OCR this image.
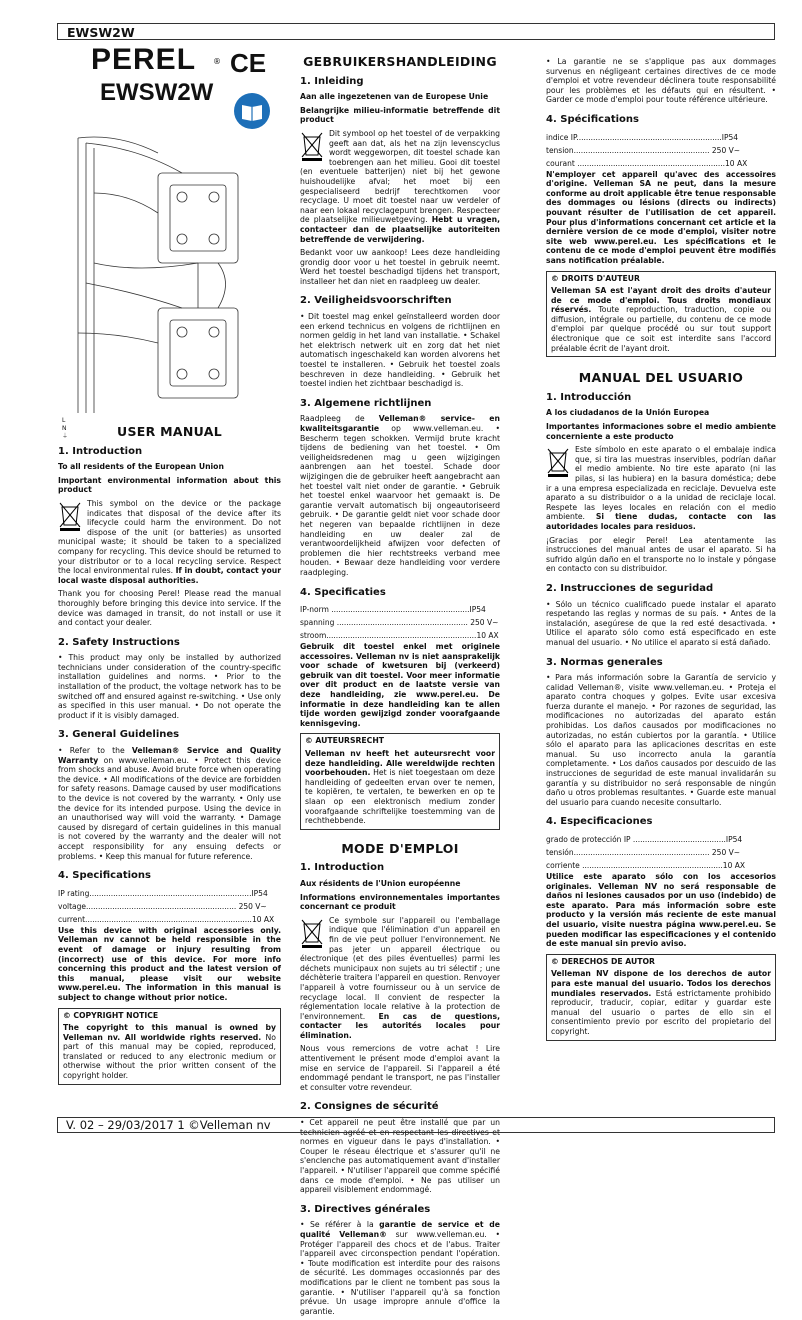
EWSW2W
PEREL ® CE
EWSW2W
L
N
⏚	USER MANUAL
1. Introduction

To all residents of the European Union

Important environmental information about this product

This symbol on the device or the package indicates that disposal of the device after its lifecycle could harm the environment. Do not dispose of the unit (or batteries) as unsorted municipal waste; it should be taken to a specialized company for recycling. This device should be returned to your distributor or to a local recycling service. Respect the local environmental rules. If in doubt, contact your local waste disposal authorities.

Thank you for choosing Perel! Please read the manual thoroughly before bringing this device into service. If the device was damaged in transit, do not install or use it and contact your dealer.

2. Safety Instructions

• This product may only be installed by authorized technicians under consideration of the country-specific installation guidelines and norms. • Prior to the installation of the product, the voltage network has to be switched off and ensured against re-switching. • Use only as specified in this user manual. • Do not operate the product if it is visibly damaged.

3. General Guidelines

• Refer to the Velleman® Service and Quality Warranty on www.velleman.eu. • Protect this device from shocks and abuse. Avoid brute force when operating the device. • All modifications of the device are forbidden for safety reasons. Damage caused by user modifications to the device is not covered by the warranty. • Only use the device for its intended purpose. Using the device in an unauthorised way will void the warranty. • Damage caused by disregard of certain guidelines in this manual is not covered by the warranty and the dealer will not accept responsibility for any ensuing defects or problems. • Keep this manual for future reference.

4. Specifications
IP rating....................................................................IP54
voltage............................................................... 250 V~
current......................................................................10 AX

Use this device with original accessories only. Velleman nv cannot be held responsible in the event of damage or injury resulting from (incorrect) use of this device. For more info concerning this product and the latest version of this manual, please visit our website www.perel.eu. The information in this manual is subject to change without prior notice.

© COPYRIGHT NOTICE

The copyright to this manual is owned by Velleman nv. All worldwide rights reserved. No part of this manual may be copied, reproduced, translated or reduced to any electronic medium or otherwise without the prior written consent of the copyright holder.

GEBRUIKERSHANDLEIDING
1. Inleiding

Aan alle ingezetenen van de Europese Unie

Belangrijke milieu-informatie betreffende dit product

Dit symbool op het toestel of de verpakking geeft aan dat, als het na zijn levenscyclus wordt weggeworpen, dit toestel schade kan toebrengen aan het milieu. Gooi dit toestel (en eventuele batterijen) niet bij het gewone huishoudelijke afval; het moet bij een gespecialiseerd bedrijf terechtkomen voor recyclage. U moet dit toestel naar uw verdeler of naar een lokaal recyclagepunt brengen. Respecteer de plaatselijke milieuwetgeving. Hebt u vragen, contacteer dan de plaatselijke autoriteiten betreffende de verwijdering.

Bedankt voor uw aankoop! Lees deze handleiding grondig door voor u het toestel in gebruik neemt. Werd het toestel beschadigd tijdens het transport, installeer het dan niet en raadpleeg uw dealer.

2. Veiligheidsvoorschriften

• Dit toestel mag enkel geïnstalleerd worden door een erkend technicus en volgens de richtlijnen en normen geldig in het land van installatie. • Schakel het elektrisch netwerk uit en zorg dat het niet automatisch ingeschakeld kan worden alvorens het toestel te installeren. • Gebruik het toestel zoals beschreven in deze handleiding. • Gebruik het toestel indien het zichtbaar beschadigd is.

3. Algemene richtlijnen

Raadpleeg de Velleman® service- en kwaliteitsgarantie op www.velleman.eu. • Bescherm tegen schokken. Vermijd brute kracht tijdens de bediening van het toestel. • Om veiligheidsredenen mag u geen wijzigingen aanbrengen aan het toestel. Schade door wijzigingen die de gebruiker heeft aangebracht aan het toestel valt niet onder de garantie. • Gebruik het toestel enkel waarvoor het gemaakt is. De garantie vervalt automatisch bij ongeautoriseerd gebruik. • De garantie geldt niet voor schade door het negeren van bepaalde richtlijnen in deze handleiding en uw dealer zal de verantwoordelijkheid afwijzen voor defecten of problemen die hier rechtstreeks verband mee houden. • Bewaar deze handleiding voor verdere raadpleging.

4. Specificaties
IP-norm ..........................................................IP54
spanning ....................................................... 250 V~
stroom...............................................................10 AX

Gebruik dit toestel enkel met originele accessoires. Velleman nv is niet aansprakelijk voor schade of kwetsuren bij (verkeerd) gebruik van dit toestel. Voor meer informatie over dit product en de laatste versie van deze handleiding, zie www.perel.eu. De informatie in deze handleiding kan te allen tijde worden gewijzigd zonder voorafgaande kennisgeving.

© AUTEURSRECHT

Velleman nv heeft het auteursrecht voor deze handleiding. Alle wereldwijde rechten voorbehouden. Het is niet toegestaan om deze handleiding of gedeelten ervan over te nemen, te kopiëren, te vertalen, te bewerken en op te slaan op een elektronisch medium zonder voorafgaande schriftelijke toestemming van de rechthebbende.

MODE D'EMPLOI
1. Introduction

Aux résidents de l'Union européenne

Informations environnementales importantes concernant ce produit

Ce symbole sur l'appareil ou l'emballage indique que l'élimination d'un appareil en fin de vie peut polluer l'environnement. Ne pas jeter un appareil électrique ou électronique (et des piles éventuelles) parmi les déchets municipaux non sujets au tri sélectif ; une déchèterie traitera l'appareil en question. Renvoyer l'appareil à votre fournisseur ou à un service de recyclage local. Il convient de respecter la réglementation locale relative à la protection de l'environnement. En cas de questions, contacter les autorités locales pour élimination.

Nous vous remercions de votre achat ! Lire attentivement le présent mode d'emploi avant la mise en service de l'appareil. Si l'appareil a été endommagé pendant le transport, ne pas l'installer et consulter votre revendeur.

2. Consignes de sécurité

• Cet appareil ne peut être installé que par un technicien agréé et en respectant les directives et normes en vigueur dans le pays d'installation. • Couper le réseau électrique et s'assurer qu'il ne s'enclenche pas automatiquement avant d'installer l'appareil. • N'utiliser l'appareil que comme spécifié dans ce mode d'emploi. • Ne pas utiliser un appareil visiblement endommagé.

3. Directives générales

• Se référer à la garantie de service et de qualité Velleman® sur www.velleman.eu. • Protéger l'appareil des chocs et de l'abus. Traiter l'appareil avec circonspection pendant l'opération. • Toute modification est interdite pour des raisons de sécurité. Les dommages occasionnés par des modifications par le client ne tombent pas sous la garantie. • N'utiliser l'appareil qu'à sa fonction prévue. Un usage impropre annule d'office la garantie.

• La garantie ne se s'applique pas aux dommages survenus en négligeant certaines directives de ce mode d'emploi et votre revendeur déclinera toute responsabilité pour les problèmes et les défauts qui en résultent. • Garder ce mode d'emploi pour toute référence ultérieure.

4. Spécifications
indice IP.............................................................IP54
tension......................................................... 250 V~
courant ..............................................................10 AX

N'employer cet appareil qu'avec des accessoires d'origine. Velleman SA ne peut, dans la mesure conforme au droit applicable être tenue responsable des dommages ou lésions (directs ou indirects) pouvant résulter de l'utilisation de cet appareil. Pour plus d'informations concernant cet article et la dernière version de ce mode d'emploi, visiter notre site web www.perel.eu. Les spécifications et le contenu de ce mode d'emploi peuvent être modifiés sans notification préalable.

© DROITS D'AUTEUR

Velleman SA est l'ayant droit des droits d'auteur de ce mode d'emploi. Tous droits mondiaux réservés. Toute reproduction, traduction, copie ou diffusion, intégrale ou partielle, du contenu de ce mode d'emploi par quelque procédé ou sur tout support électronique que ce soit est interdite sans l'accord préalable écrit de l'ayant droit.

MANUAL DEL USUARIO
1. Introducción

A los ciudadanos de la Unión Europea

Importantes informaciones sobre el medio ambiente concerniente a este producto

Este símbolo en este aparato o el embalaje indica que, si tira las muestras inservibles, podrían dañar el medio ambiente. No tire este aparato (ni las pilas, si las hubiera) en la basura doméstica; debe ir a una empresa especializada en reciclaje. Devuelva este aparato a su distribuidor o a la unidad de reciclaje local. Respete las leyes locales en relación con el medio ambiente. Si tiene dudas, contacte con las autoridades locales para residuos.

¡Gracias por elegir Perel! Lea atentamente las instrucciones del manual antes de usar el aparato. Si ha sufrido algún daño en el transporte no lo instale y póngase en contacto con su distribuidor.

2. Instrucciones de seguridad

• Sólo un técnico cualificado puede instalar el aparato respetando las reglas y normas de su país. • Antes de la instalación, asegúrese de que la red esté desactivada. • Utilice el aparato sólo como está especificado en este manual del usuario. • No utilice el aparato si está dañado.

3. Normas generales

• Para más información sobre la Garantía de servicio y calidad Velleman®, visite www.velleman.eu. • Proteja el aparato contra choques y golpes. Evite usar excesiva fuerza durante el manejo. • Por razones de seguridad, las modificaciones no autorizadas del aparato están prohibidas. Los daños causados por modificaciones no autorizadas, no están cubiertos por la garantía. • Utilice sólo el aparato para las aplicaciones descritas en este manual. Su uso incorrecto anula la garantía completamente. • Los daños causados por descuido de las instrucciones de seguridad de este manual invalidarán su garantía y su distribuidor no será responsable de ningún daño u otros problemas resultantes. • Guarde este manual del usuario para cuando necesite consultarlo.

4. Especificaciones
grado de protección IP .......................................IP54
tensión......................................................... 250 V~
corriente ...........................................................10 AX

Utilice este aparato sólo con los accesorios originales. Velleman NV no será responsable de daños ni lesiones causados por un uso (indebido) de este aparato. Para más información sobre este producto y la versión más reciente de este manual del usuario, visite nuestra página www.perel.eu. Se pueden modificar las especificaciones y el contenido de este manual sin previo aviso.

© DERECHOS DE AUTOR

Velleman NV dispone de los derechos de autor para este manual del usuario. Todos los derechos mundiales reservados. Está estrictamente prohibido reproducir, traducir, copiar, editar y guardar este manual del usuario o partes de ello sin el consentimiento previo por escrito del propietario del copyright.

V. 02 – 29/03/2017 1 ©Velleman nv
